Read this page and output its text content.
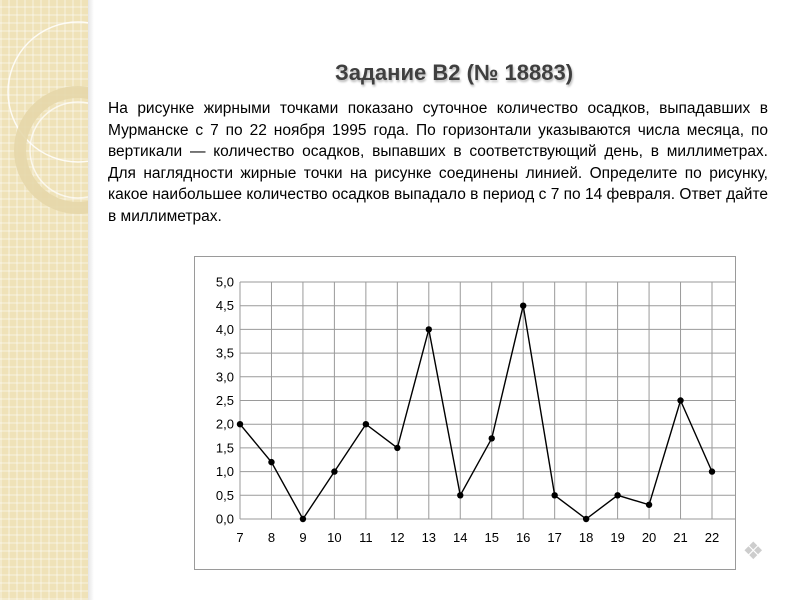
Задание В2 (№ 18883)
На рисунке жирными точками показано суточное количество осадков, выпадавших в Мурманске с 7 по 22 ноября 1995 года. По горизонтали указываются числа месяца, по вертикали — количество осадков, выпавших в соответствующий день, в миллиметрах. Для наглядности жирные точки на рисунке соединены линией. Определите по рисунку, какое наибольшее количество осадков выпадало в период с 7 по 14 февраля. Ответ дайте в миллиметрах.
0,0
0,5
1,0
1,5
2,0
2,5
3,0
3,5
4,0
4,5
5,0
7 8 9 10 11 12 13 14 15 16 17 18 19 20 21 22
❖
